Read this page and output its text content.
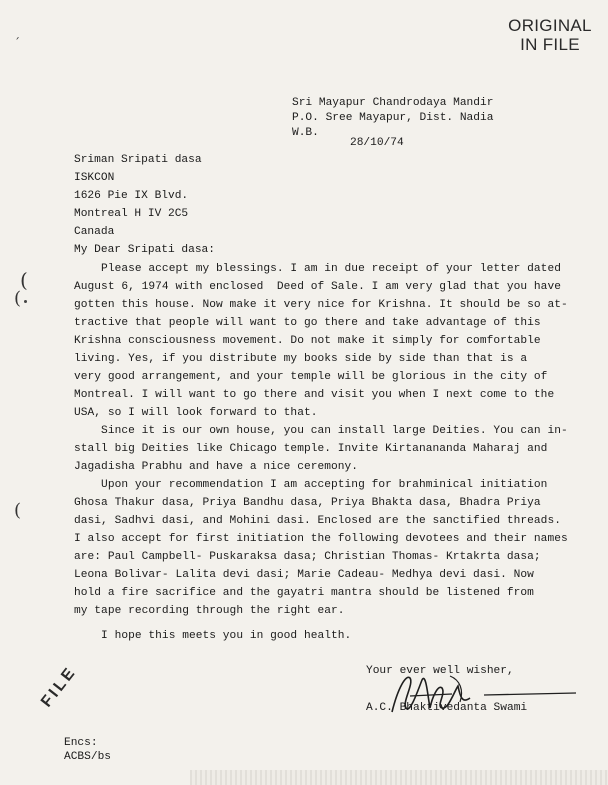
ORIGINAL
IN FILE
´
Sri Mayapur Chandrodaya Mandir
P.O. Sree Mayapur, Dist. Nadia
W.B.
28/10/74
Sriman Sripati dasa
ISKCON
1626 Pie IX Blvd.
Montreal H IV 2C5
Canada
My Dear Sripati dasa:
(
(
(
Please accept my blessings. I am in due receipt of your letter dated
August 6, 1974 with enclosed  Deed of Sale. I am very glad that you have
gotten this house. Now make it very nice for Krishna. It should be so at-
tractive that people will want to go there and take advantage of this
Krishna consciousness movement. Do not make it simply for comfortable
living. Yes, if you distribute my books side by side than that is a
very good arrangement, and your temple will be glorious in the city of
Montreal. I will want to go there and visit you when I next come to the
USA, so I will look forward to that.
Since it is our own house, you can install large Deities. You can in-
stall big Deities like Chicago temple. Invite Kirtanananda Maharaj and
Jagadisha Prabhu and have a nice ceremony.
Upon your recommendation I am accepting for brahminical initiation
Ghosa Thakur dasa, Priya Bandhu dasa, Priya Bhakta dasa, Bhadra Priya
dasi, Sadhvi dasi, and Mohini dasi. Enclosed are the sanctified threads.
I also accept for first initiation the following devotees and their names
are: Paul Campbell- Puskaraksa dasa; Christian Thomas- Krtakrta dasa;
Leona Bolivar- Lalita devi dasi; Marie Cadeau- Medhya devi dasi. Now
hold a fire sacrifice and the gayatri mantra should be listened from
my tape recording through the right ear.
I hope this meets you in good health.
Your ever well wisher,
A.C. Bhaktivedanta Swami
FILE
Encs:
ACBS/bs
